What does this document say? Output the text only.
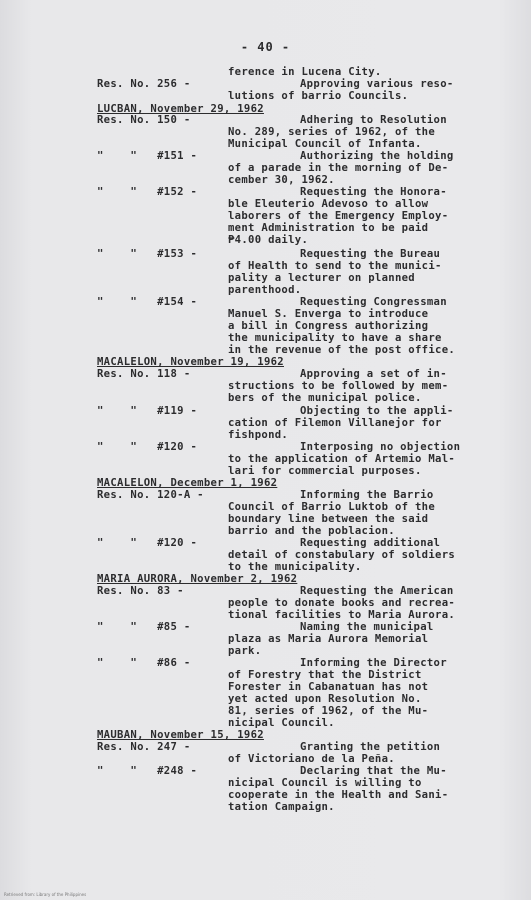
- 40 -
ference in Lucena City.
Res. No. 256 -	Approving various reso-
lutions of barrio Councils.
LUCBAN, November 29, 1962
Res. No. 150 -	Adhering to Resolution
No. 289, series of 1962, of the
Municipal Council of Infanta.
"    "   #151 -	Authorizing the holding
of a parade in the morning of De-
cember 30, 1962.
"    "   #152 -	Requesting the Honora-
ble Eleuterio Adevoso to allow
laborers of the Emergency Employ-
ment Administration to be paid
₱4.00 daily.
"    "   #153 -	Requesting the Bureau
of Health to send to the munici-
pality a lecturer on planned
parenthood.
"    "   #154 -	Requesting Congressman
Manuel S. Enverga to introduce
a bill in Congress authorizing
the municipality to have a share
in the revenue of the post office.
MACALELON, November 19, 1962
Res. No. 118 -	Approving a set of in-
structions to be followed by mem-
bers of the municipal police.
"    "   #119 -	Objecting to the appli-
cation of Filemon Villanejor for
fishpond.
"    "   #120 -	Interposing no objection
to the application of Artemio Mal-
lari for commercial purposes.
MACALELON, December 1, 1962
Res. No. 120-A -	Informing the Barrio
Council of Barrio Luktob of the
boundary line between the said
barrio and the poblacion.
"    "   #120 -	Requesting additional
detail of constabulary of soldiers
to the municipality.
MARIA AURORA, November 2, 1962
Res. No. 83 -	Requesting the American
people to donate books and recrea-
tional facilities to Maria Aurora.
"    "   #85 -	Naming the municipal
plaza as Maria Aurora Memorial
park.
"    "   #86 -	Informing the Director
of Forestry that the District
Forester in Cabanatuan has not
yet acted upon Resolution No.
81, series of 1962, of the Mu-
nicipal Council.
MAUBAN, November 15, 1962
Res. No. 247 -	Granting the petition
of Victoriano de la Peña.
"    "   #248 -	Declaring that the Mu-
nicipal Council is willing to
cooperate in the Health and Sani-
tation Campaign.
Retrieved from: Library of the Philippines
